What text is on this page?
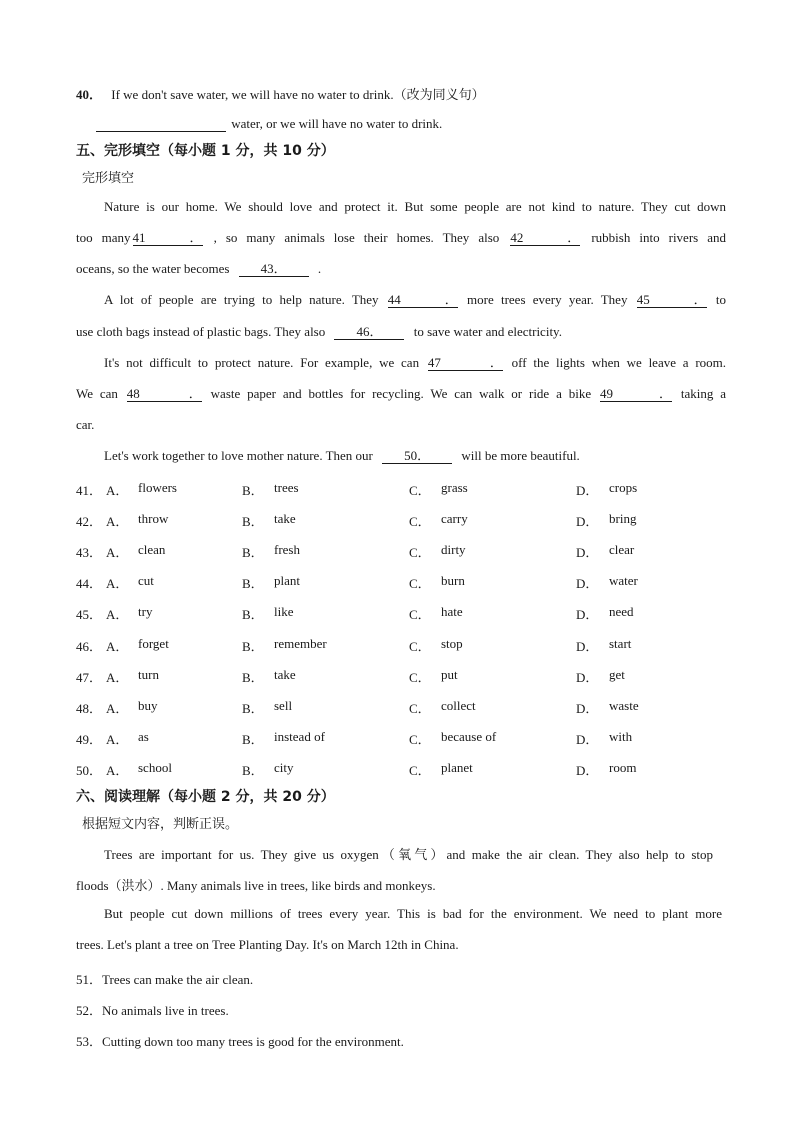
40． If we don't save water, we will have no water to drink.（改为同义句）
water, or we will have no water to drink.
五、完形填空（每小题 1 分，共 10 分）
完形填空
Nature is our home. We should love and protect it. But some people are not kind to nature. They cut down
too many 41． , so many animals lose their homes. They also 42． rubbish into rivers and
oceans, so the water becomes 43． .
A lot of people are trying to help nature. They 44． more trees every year. They 45． to
use cloth bags instead of plastic bags. They also 46． to save water and electricity.
It's not difficult to protect nature. For example, we can 47． off the lights when we leave a room.
We can 48． waste paper and bottles for recycling. We can walk or ride a bike 49． taking a
car.
Let's work together to love mother nature. Then our 50． will be more beautiful.
41． A． flowers	B． trees	C． grass	D． crops
42． A． throw	B． take	C． carry	D． bring
43． A． clean	B． fresh	C． dirty	D． clear
44． A． cut	B． plant	C． burn	D． water
45． A． try	B． like	C． hate	D． need
46． A． forget	B． remember	C． stop	D． start
47． A． turn	B． take	C． put	D． get
48． A． buy	B． sell	C． collect	D． waste
49． A． as	B． instead of	C． because of	D． with
50． A． school	B． city	C． planet	D． room
六、阅读理解（每小题 2 分，共 20 分）
根据短文内容，判断正误。
Trees are important for us. They give us oxygen（氧气）and make the air clean. They also help to stop
floods（洪水）. Many animals live in trees, like birds and monkeys.
But people cut down millions of trees every year. This is bad for the environment. We need to plant more
trees. Let's plant a tree on Tree Planting Day. It's on March 12th in China.
51．Trees can make the air clean.
52．No animals live in trees.
53．Cutting down too many trees is good for the environment.
